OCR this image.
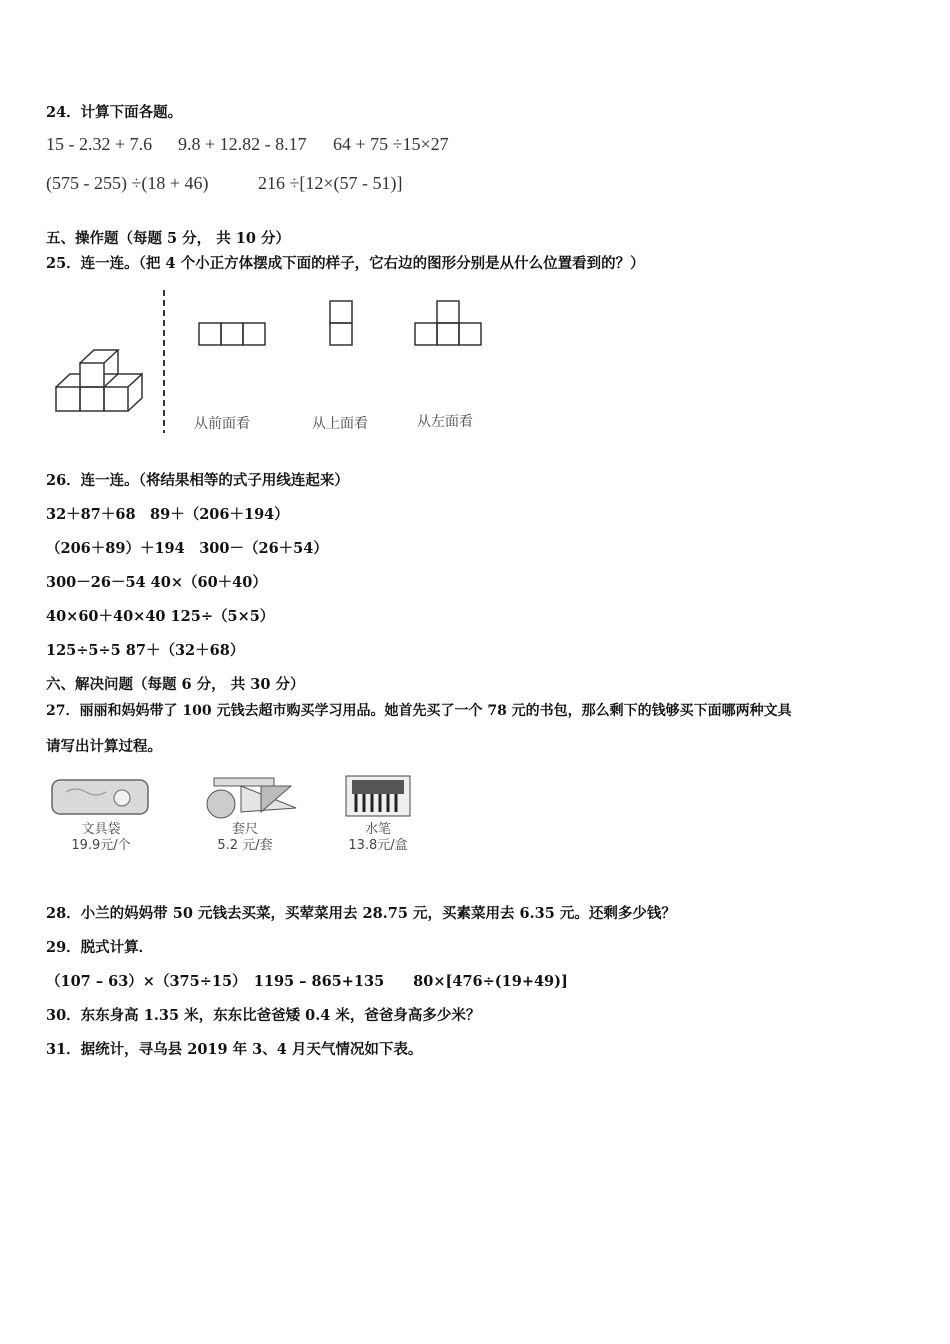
24．计算下面各题。
15 - 2.32 + 7.6 9.8 + 12.82 - 8.17 64 + 75 ÷15×27
(575 - 255) ÷(18 + 46)	216 ÷[12×(57 - 51)]
五、操作题（每题 5 分， 共 10 分）
25．连一连。（把 4 个小正方体摆成下面的样子，它右边的图形分别是从什么位置看到的？）
从前面看	从上面看	从左面看
26．连一连。（将结果相等的式子用线连起来）
32＋87＋68　89＋（206＋194）
（206＋89）＋194　300－（26＋54）
300－26－54 40×（60＋40）
40×60＋40×40 125÷（5×5）
125÷5÷5 87＋（32＋68）
六、解决问题（每题 6 分， 共 30 分）
27．丽丽和妈妈带了 100 元钱去超市购买学习用品。她首先买了一个 78 元的书包，那么剩下的钱够买下面哪两种文具
请写出计算过程。
文具袋
19.9元/个
套尺
5.2 元/套
水笔
13.8元/盒
28．小兰的妈妈带 50 元钱去买菜，买荤菜用去 28.75 元，买素菜用去 6.35 元。还剩多少钱？
29．脱式计算．
（107 – 63）×（375÷15）　1195 – 865+135　　80×[476÷(19+49)]
30．东东身高 1.35 米，东东比爸爸矮 0.4 米，爸爸身高多少米？
31．据统计，寻乌县 2019 年 3、4 月天气情况如下表。
